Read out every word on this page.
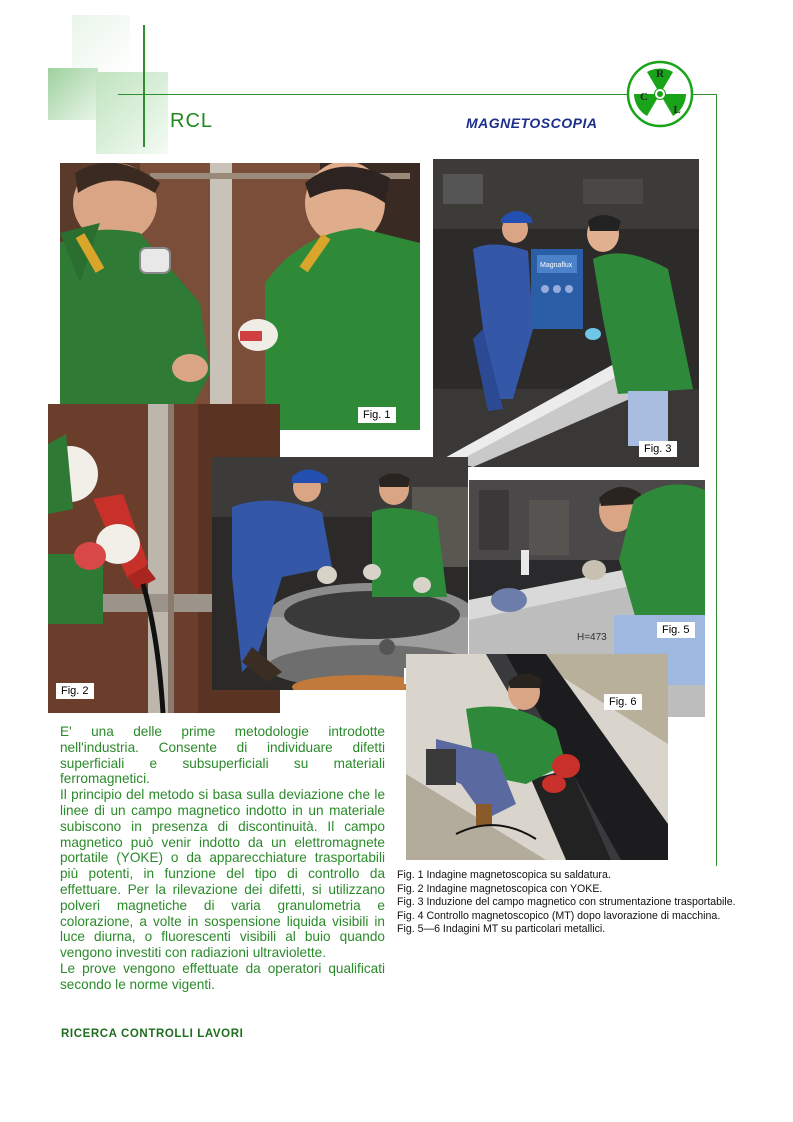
RCL	MAGNETOSCOPIA
R
C
L
Fig. 1
Magnaflux
Fig. 3
Fig. 2
H=473
Fig. 5
Fig. 6

E' una delle prime metodologie introdotte nell'industria. Consente di individuare difetti superficiali e subsuperficiali su materiali ferromagnetici.

Il principio del metodo si basa sulla deviazione che le linee di un campo magnetico indotto in un materiale subiscono in presenza di discontinuità. Il campo magnetico può venir indotto da un elettromagnete portatile (YOKE) o da apparecchiature trasportabili più potenti, in funzione del tipo di controllo da effettuare. Per la rilevazione dei difetti, si utilizzano polveri magnetiche di varia granulometria e colorazione, a volte in sospensione liquida visibili in luce diurna, o fluorescenti visibili al buio quando vengono investiti con radiazioni ultraviolette.

Le prove vengono effettuate da operatori qualificati secondo le norme vigenti.

Fig. 1 Indagine magnetoscopica su saldatura.
Fig. 2 Indagine magnetoscopica con YOKE.
Fig. 3 Induzione del campo magnetico con strumentazione trasportabile.
Fig. 4 Controllo magnetoscopico (MT) dopo lavorazione di macchina.
Fig. 5—6 Indagini MT su particolari metallici.
RICERCA CONTROLLI LAVORI
